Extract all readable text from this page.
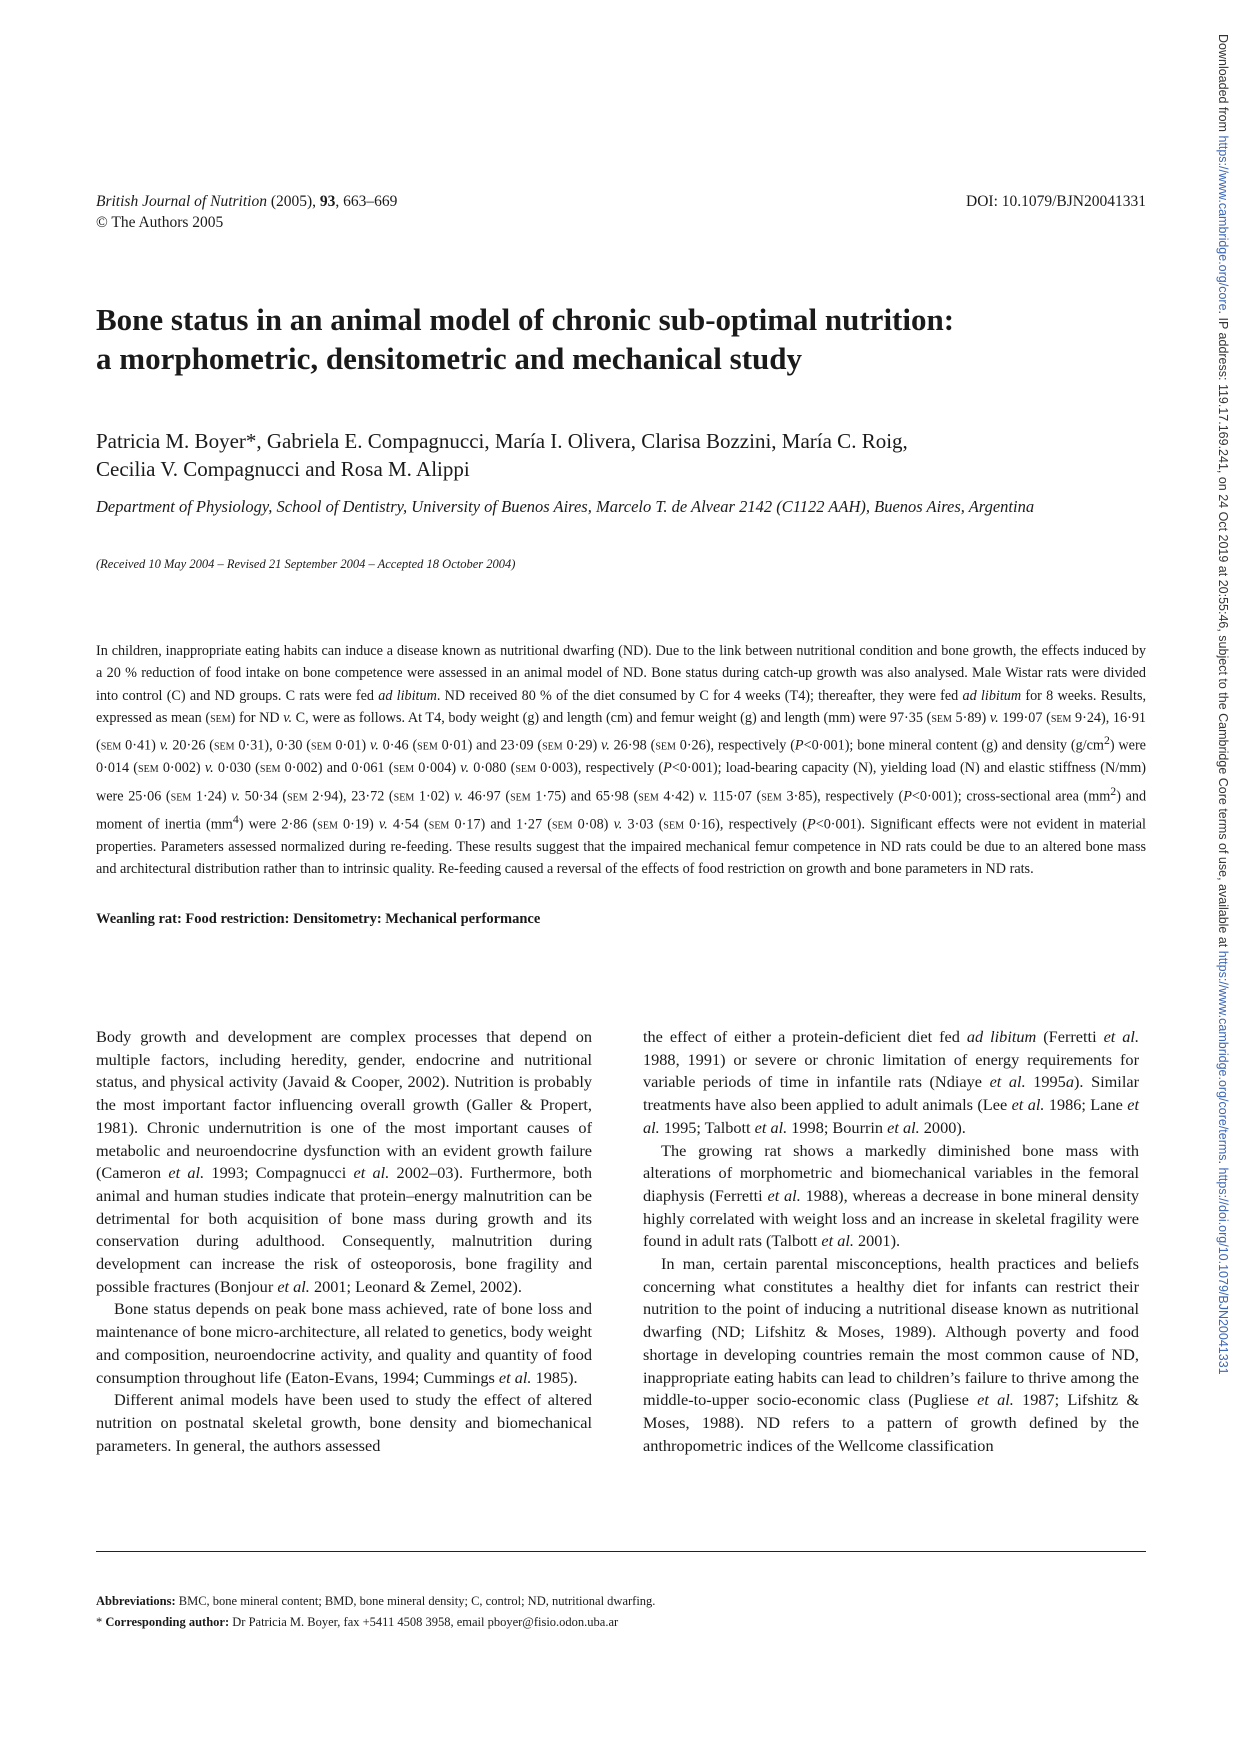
British Journal of Nutrition (2005), 93, 663–669
© The Authors 2005
DOI: 10.1079/BJN20041331
Bone status in an animal model of chronic sub-optimal nutrition:
a morphometric, densitometric and mechanical study
Patricia M. Boyer*, Gabriela E. Compagnucci, María I. Olivera, Clarisa Bozzini, María C. Roig,
Cecilia V. Compagnucci and Rosa M. Alippi
Department of Physiology, School of Dentistry, University of Buenos Aires, Marcelo T. de Alvear 2142 (C1122 AAH), Buenos Aires, Argentina
(Received 10 May 2004 – Revised 21 September 2004 – Accepted 18 October 2004)
In children, inappropriate eating habits can induce a disease known as nutritional dwarfing (ND). Due to the link between nutritional condition and bone growth, the effects induced by a 20 % reduction of food intake on bone competence were assessed in an animal model of ND. Bone status during catch-up growth was also analysed. Male Wistar rats were divided into control (C) and ND groups. C rats were fed ad libitum. ND received 80 % of the diet consumed by C for 4 weeks (T4); thereafter, they were fed ad libitum for 8 weeks. Results, expressed as mean (sem) for ND v. C, were as follows. At T4, body weight (g) and length (cm) and femur weight (g) and length (mm) were 97·35 (sem 5·89) v. 199·07 (sem 9·24), 16·91 (sem 0·41) v. 20·26 (sem 0·31), 0·30 (sem 0·01) v. 0·46 (sem 0·01) and 23·09 (sem 0·29) v. 26·98 (sem 0·26), respectively (P<0·001); bone mineral content (g) and density $(g/cm^2)$ were 0·014 (sem 0·002) v. 0·030 (sem 0·002) and 0·061 (sem 0·004) v. 0·080 (sem 0·003), respectively (P<0·001); load-bearing capacity (N), yielding load (N) and elastic stiffness (N/mm) were 25·06 (sem 1·24) v. 50·34 (sem 2·94), 23·72 (sem 1·02) v. 46·97 (sem 1·75) and 65·98 (sem 4·42) v. 115·07 (sem 3·85), respectively (P<0·001); cross-sectional area $(mm^2)$ and moment of inertia $(mm^4)$ were 2·86 (sem 0·19) v. 4·54 (sem 0·17) and 1·27 (sem 0·08) v. 3·03 (sem 0·16), respectively (P<0·001). Significant effects were not evident in material properties. Parameters assessed normalized during re-feeding. These results suggest that the impaired mechanical femur competence in ND rats could be due to an altered bone mass and architectural distribution rather than to intrinsic quality. Re-feeding caused a reversal of the effects of food restriction on growth and bone parameters in ND rats.
Weanling rat: Food restriction: Densitometry: Mechanical performance

Body growth and development are complex processes that depend on multiple factors, including heredity, gender, endocrine and nutritional status, and physical activity (Javaid & Cooper, 2002). Nutrition is probably the most important factor influencing overall growth (Galler & Propert, 1981). Chronic undernutrition is one of the most important causes of metabolic and neuroendocrine dysfunction with an evident growth failure (Cameron et al. 1993; Compagnucci et al. 2002–03). Furthermore, both animal and human studies indicate that protein–energy malnutrition can be detrimental for both acquisition of bone mass during growth and its conservation during adulthood. Consequently, malnutrition during development can increase the risk of osteoporosis, bone fragility and possible fractures (Bonjour et al. 2001; Leonard & Zemel, 2002).

Bone status depends on peak bone mass achieved, rate of bone loss and maintenance of bone micro-architecture, all related to genetics, body weight and composition, neuroendocrine activity, and quality and quantity of food consumption throughout life (Eaton-Evans, 1994; Cummings et al. 1985).

Different animal models have been used to study the effect of altered nutrition on postnatal skeletal growth, bone density and biomechanical parameters. In general, the authors assessed

the effect of either a protein-deficient diet fed ad libitum (Ferretti et al. 1988, 1991) or severe or chronic limitation of energy requirements for variable periods of time in infantile rats (Ndiaye et al. 1995a). Similar treatments have also been applied to adult animals (Lee et al. 1986; Lane et al. 1995; Talbott et al. 1998; Bourrin et al. 2000).

The growing rat shows a markedly diminished bone mass with alterations of morphometric and biomechanical variables in the femoral diaphysis (Ferretti et al. 1988), whereas a decrease in bone mineral density highly correlated with weight loss and an increase in skeletal fragility were found in adult rats (Talbott et al. 2001).

In man, certain parental misconceptions, health practices and beliefs concerning what constitutes a healthy diet for infants can restrict their nutrition to the point of inducing a nutritional disease known as nutritional dwarfing (ND; Lifshitz & Moses, 1989). Although poverty and food shortage in developing countries remain the most common cause of ND, inappropriate eating habits can lead to children’s failure to thrive among the middle-to-upper socio-economic class (Pugliese et al. 1987; Lifshitz & Moses, 1988). ND refers to a pattern of growth defined by the anthropometric indices of the Wellcome classification

Abbreviations: BMC, bone mineral content; BMD, bone mineral density; C, control; ND, nutritional dwarfing.
* Corresponding author: Dr Patricia M. Boyer, fax +5411 4508 3958, email pboyer@fisio.odon.uba.ar
Downloaded from https://www.cambridge.org/core. IP address: 119.17.169.241, on 24 Oct 2019 at 20:55:46, subject to the Cambridge Core terms of use, available at https://www.cambridge.org/core/terms. https://doi.org/10.1079/BJN20041331
